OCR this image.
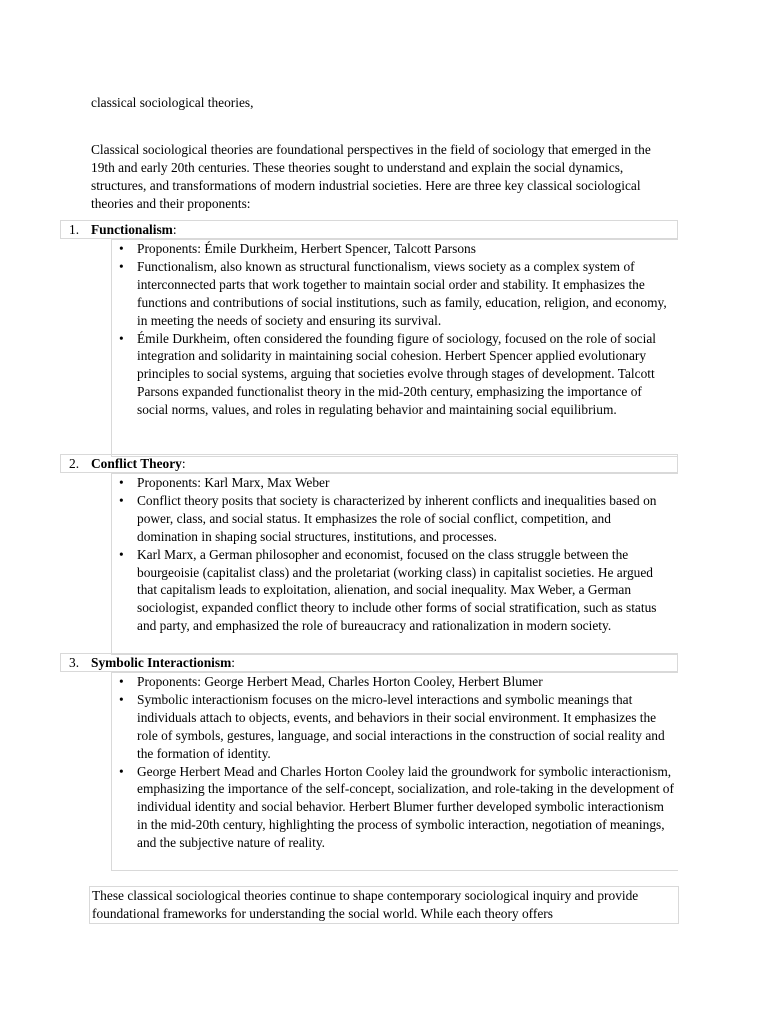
classical sociological theories,

Classical sociological theories are foundational perspectives in the field of sociology that emerged in the 19th and early 20th centuries. These theories sought to understand and explain the social dynamics, structures, and transformations of modern industrial societies. Here are three key classical sociological theories and their proponents:

1. Functionalism:
• Proponents: Émile Durkheim, Herbert Spencer, Talcott Parsons
• Functionalism, also known as structural functionalism, views society as a complex system of interconnected parts that work together to maintain social order and stability. It emphasizes the functions and contributions of social institutions, such as family, education, religion, and economy, in meeting the needs of society and ensuring its survival.
• Émile Durkheim, often considered the founding figure of sociology, focused on the role of social integration and solidarity in maintaining social cohesion. Herbert Spencer applied evolutionary principles to social systems, arguing that societies evolve through stages of development. Talcott Parsons expanded functionalist theory in the mid-20th century, emphasizing the importance of social norms, values, and roles in regulating behavior and maintaining social equilibrium.
2. Conflict Theory:
• Proponents: Karl Marx, Max Weber
• Conflict theory posits that society is characterized by inherent conflicts and inequalities based on power, class, and social status. It emphasizes the role of social conflict, competition, and domination in shaping social structures, institutions, and processes.
• Karl Marx, a German philosopher and economist, focused on the class struggle between the bourgeoisie (capitalist class) and the proletariat (working class) in capitalist societies. He argued that capitalism leads to exploitation, alienation, and social inequality. Max Weber, a German sociologist, expanded conflict theory to include other forms of social stratification, such as status and party, and emphasized the role of bureaucracy and rationalization in modern society.
3. Symbolic Interactionism:
• Proponents: George Herbert Mead, Charles Horton Cooley, Herbert Blumer
• Symbolic interactionism focuses on the micro-level interactions and symbolic meanings that individuals attach to objects, events, and behaviors in their social environment. It emphasizes the role of symbols, gestures, language, and social interactions in the construction of social reality and the formation of identity.
• George Herbert Mead and Charles Horton Cooley laid the groundwork for symbolic interactionism, emphasizing the importance of the self-concept, socialization, and role-taking in the development of individual identity and social behavior. Herbert Blumer further developed symbolic interactionism in the mid-20th century, highlighting the process of symbolic interaction, negotiation of meanings, and the subjective nature of reality.

These classical sociological theories continue to shape contemporary sociological inquiry and provide foundational frameworks for understanding the social world. While each theory offers
